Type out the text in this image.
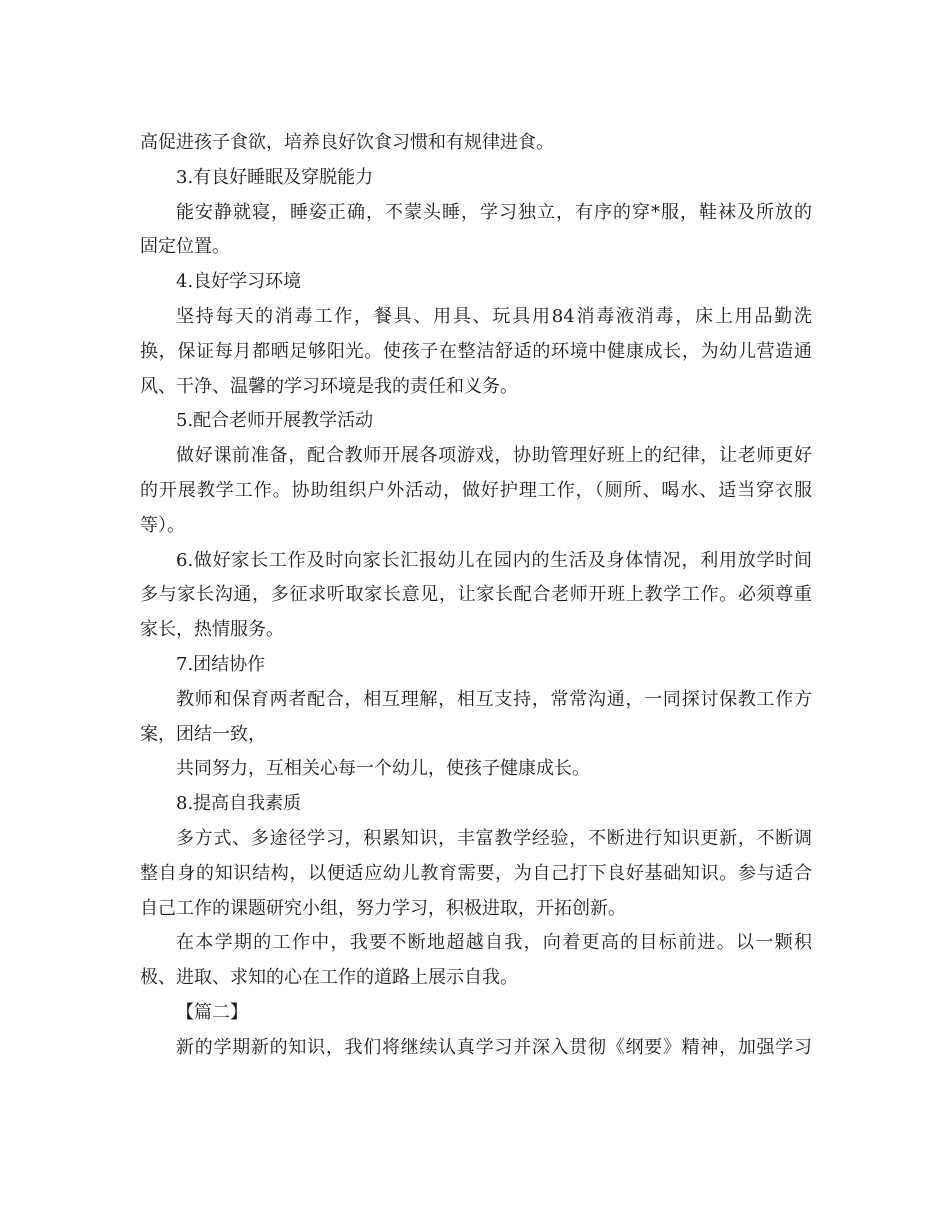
高促进孩子食欲，培养良好饮食习惯和有规律进食。
3.有良好睡眠及穿脱能力
能安静就寝，睡姿正确，不蒙头睡，学习独立，有序的穿*服，鞋袜及所放的
固定位置。
4.良好学习环境
坚持每天的消毒工作，餐具、用具、玩具用84消毒液消毒，床上用品勤洗
换，保证每月都晒足够阳光。使孩子在整洁舒适的环境中健康成长，为幼儿营造通
风、干净、温馨的学习环境是我的责任和义务。
5.配合老师开展教学活动
做好课前准备，配合教师开展各项游戏，协助管理好班上的纪律，让老师更好
的开展教学工作。协助组织户外活动，做好护理工作，（厕所、喝水、适当穿衣服
等）。
6.做好家长工作及时向家长汇报幼儿在园内的生活及身体情况，利用放学时间
多与家长沟通，多征求听取家长意见，让家长配合老师开班上教学工作。必须尊重
家长，热情服务。
7.团结协作
教师和保育两者配合，相互理解，相互支持，常常沟通，一同探讨保教工作方
案，团结一致，
共同努力，互相关心每一个幼儿，使孩子健康成长。
8.提高自我素质
多方式、多途径学习，积累知识，丰富教学经验，不断进行知识更新，不断调
整自身的知识结构，以便适应幼儿教育需要，为自己打下良好基础知识。参与适合
自己工作的课题研究小组，努力学习，积极进取，开拓创新。
在本学期的工作中，我要不断地超越自我，向着更高的目标前进。以一颗积
极、进取、求知的心在工作的道路上展示自我。
【篇二】
新的学期新的知识，我们将继续认真学习并深入贯彻《纲要》精神，加强学习
